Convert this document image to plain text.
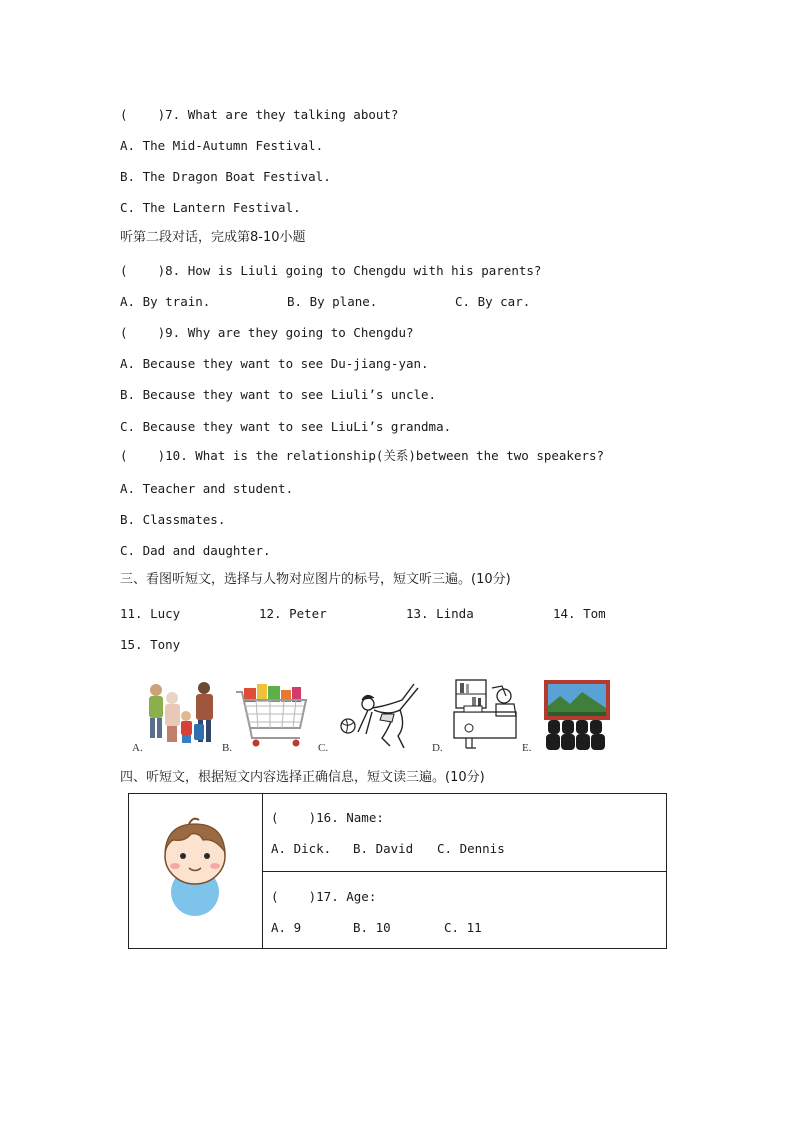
(    )7. What are they talking about?
A. The Mid-Autumn Festival.
B. The Dragon Boat Festival.
C. The Lantern Festival.
听第二段对话，完成第8-10小题
(    )8. How is Liuli going to Chengdu with his parents?
A. By train.	B. By plane.	C. By car.
(    )9. Why are they going to Chengdu?
A. Because they want to see Du-jiang-yan.
B. Because they want to see Liuli’s uncle.
C. Because they want to see LiuLi’s grandma.
(    )10. What is the relationship(关系)between the two speakers?
A. Teacher and student.
B. Classmates.
C. Dad and daughter.
三、看图听短文，选择与人物对应图片的标号，短文听三遍。(10分)
11. Lucy	12. Peter	13. Linda	14. Tom
15. Tony
A.	B.	C.	D.	E.
四、听短文，根据短文内容选择正确信息，短文读三遍。(10分)

(    )16. Name:
A. Dick. B. David C. Dennis

(    )17. Age:
A. 9	B. 10	C. 11
